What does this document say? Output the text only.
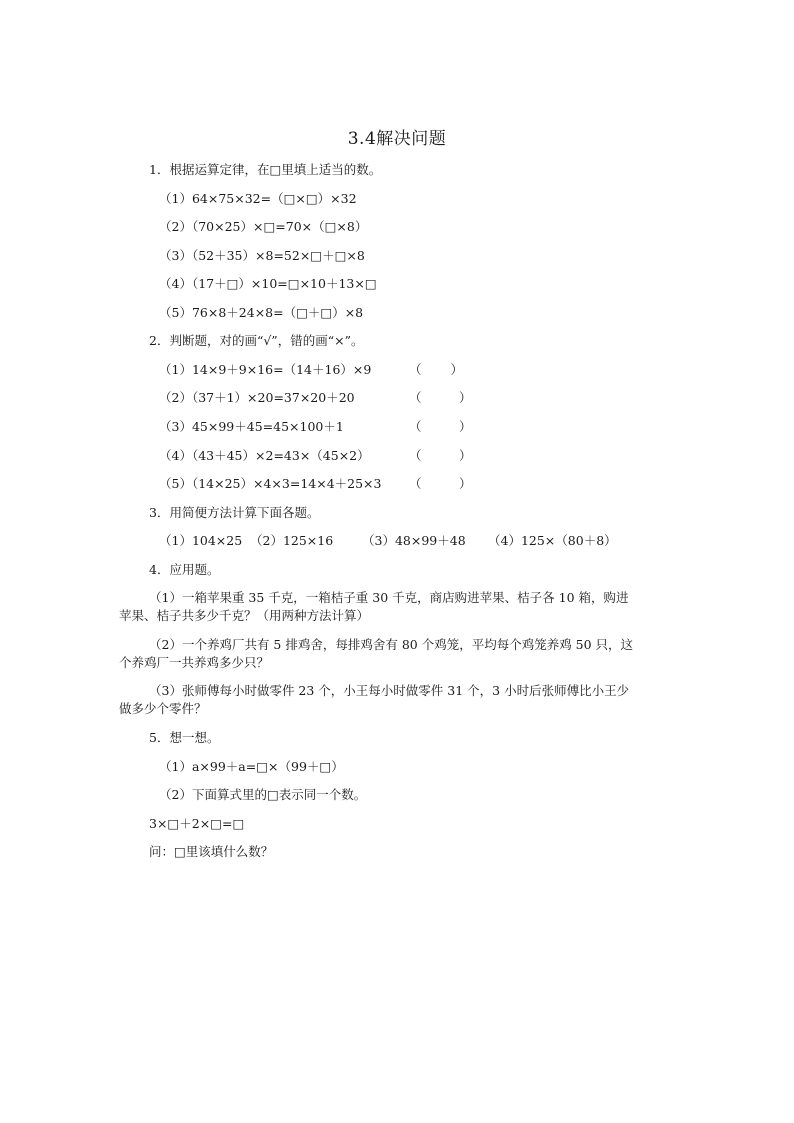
3.4解决问题
1．根据运算定律，在□里填上适当的数。
（1）64×75×32=（□×□）×32
（2）（70×25）×□=70×（□×8）
（3）（52＋35）×8=52×□＋□×8
（4）（17＋□）×10=□×10＋13×□
（5）76×8＋24×8=（□＋□）×8
2．判断题，对的画“√”，错的画“×”。
（1）14×9＋9×16=（14＋16）×9	（　　 ）
（2）（37＋1）×20=37×20＋20	（　　　）
（3）45×99＋45=45×100＋1	（　　　）
（4）（43＋45）×2=43×（45×2）	（　　　）
（5）（14×25）×4×3=14×4＋25×3 （　　　）
3．用简便方法计算下面各题。
（1）104×25 （2）125×16 （3）48×99＋48 （4）125×（80＋8）
4．应用题。
（1）一箱苹果重 35 千克，一箱桔子重 30 千克，商店购进苹果、桔子各 10 箱，购进
苹果、桔子共多少千克？（用两种方法计算）
（2）一个养鸡厂共有 5 排鸡舍，每排鸡舍有 80 个鸡笼，平均每个鸡笼养鸡 50 只，这
个养鸡厂一共养鸡多少只？
（3）张师傅每小时做零件 23 个，小王每小时做零件 31 个，3 小时后张师傅比小王少
做多少个零件？
5．想一想。
（1）a×99＋a=□×（99＋□）
（2）下面算式里的□表示同一个数。
3×□＋2×□=□
问：□里该填什么数？
